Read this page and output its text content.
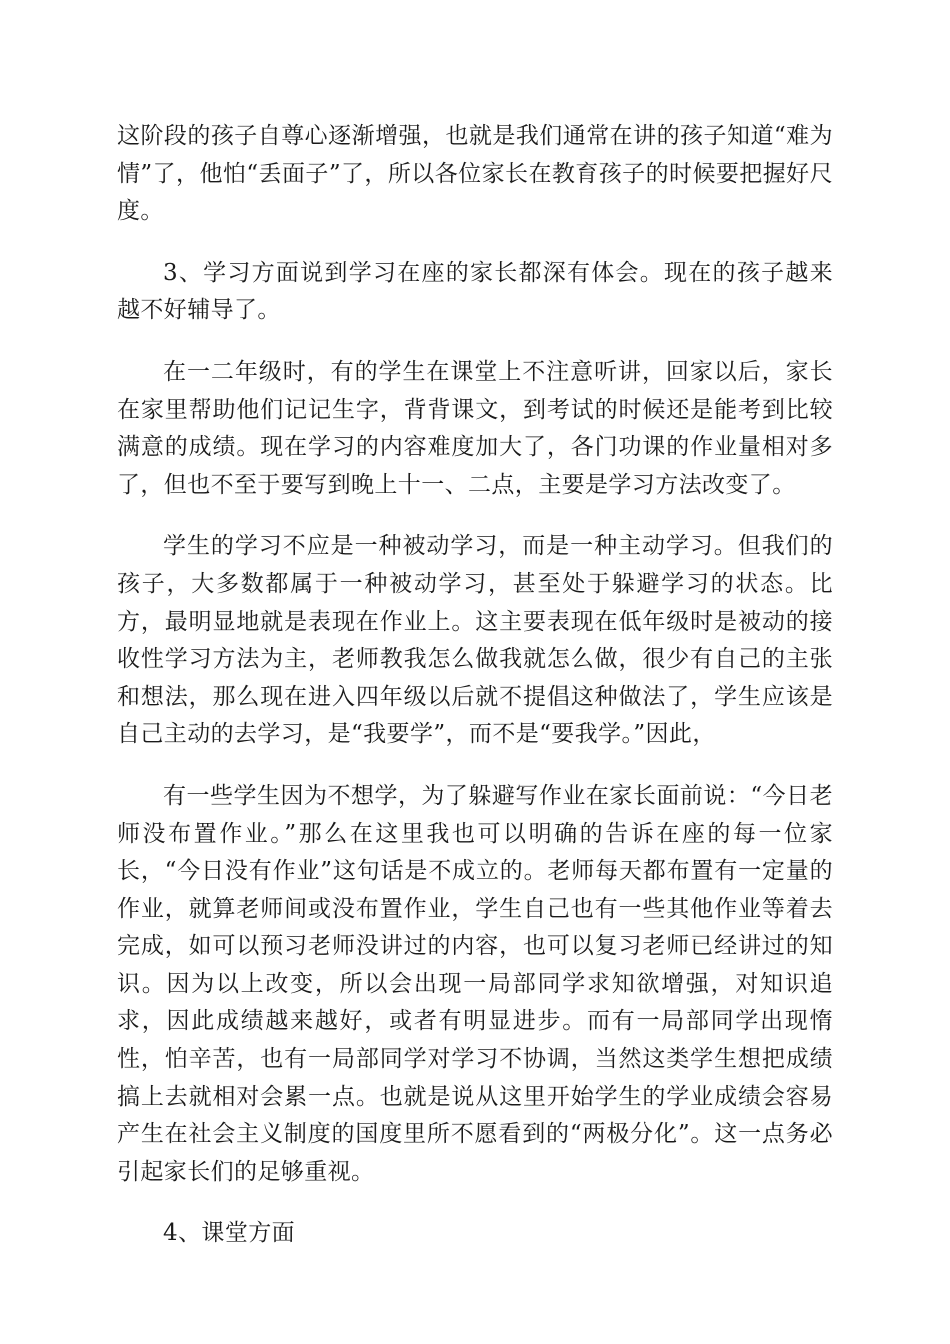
这阶段的孩子自尊心逐渐增强，也就是我们通常在讲的孩子知道“难为情”了，他怕“丢面子”了，所以各位家长在教育孩子的时候要把握好尺度。

3、学习方面说到学习在座的家长都深有体会。现在的孩子越来越不好辅导了。

在一二年级时，有的学生在课堂上不注意听讲，回家以后，家长在家里帮助他们记记生字，背背课文，到考试的时候还是能考到比较满意的成绩。现在学习的内容难度加大了，各门功课的作业量相对多了，但也不至于要写到晚上十一、二点，主要是学习方法改变了。

学生的学习不应是一种被动学习，而是一种主动学习。但我们的孩子，大多数都属于一种被动学习，甚至处于躲避学习的状态。比方，最明显地就是表现在作业上。这主要表现在低年级时是被动的接收性学习方法为主，老师教我怎么做我就怎么做，很少有自己的主张和想法，那么现在进入四年级以后就不提倡这种做法了，学生应该是自己主动的去学习，是“我要学”，而不是“要我学。”因此，

有一些学生因为不想学，为了躲避写作业在家长面前说：“今日老师没布置作业。”那么在这里我也可以明确的告诉在座的每一位家长，“今日没有作业”这句话是不成立的。老师每天都布置有一定量的作业，就算老师间或没布置作业，学生自己也有一些其他作业等着去完成，如可以预习老师没讲过的内容，也可以复习老师已经讲过的知识。因为以上改变，所以会出现一局部同学求知欲增强，对知识追求，因此成绩越来越好，或者有明显进步。而有一局部同学出现惰性，怕辛苦，也有一局部同学对学习不协调，当然这类学生想把成绩搞上去就相对会累一点。也就是说从这里开始学生的学业成绩会容易产生在社会主义制度的国度里所不愿看到的“两极分化”。这一点务必引起家长们的足够重视。

4、课堂方面
